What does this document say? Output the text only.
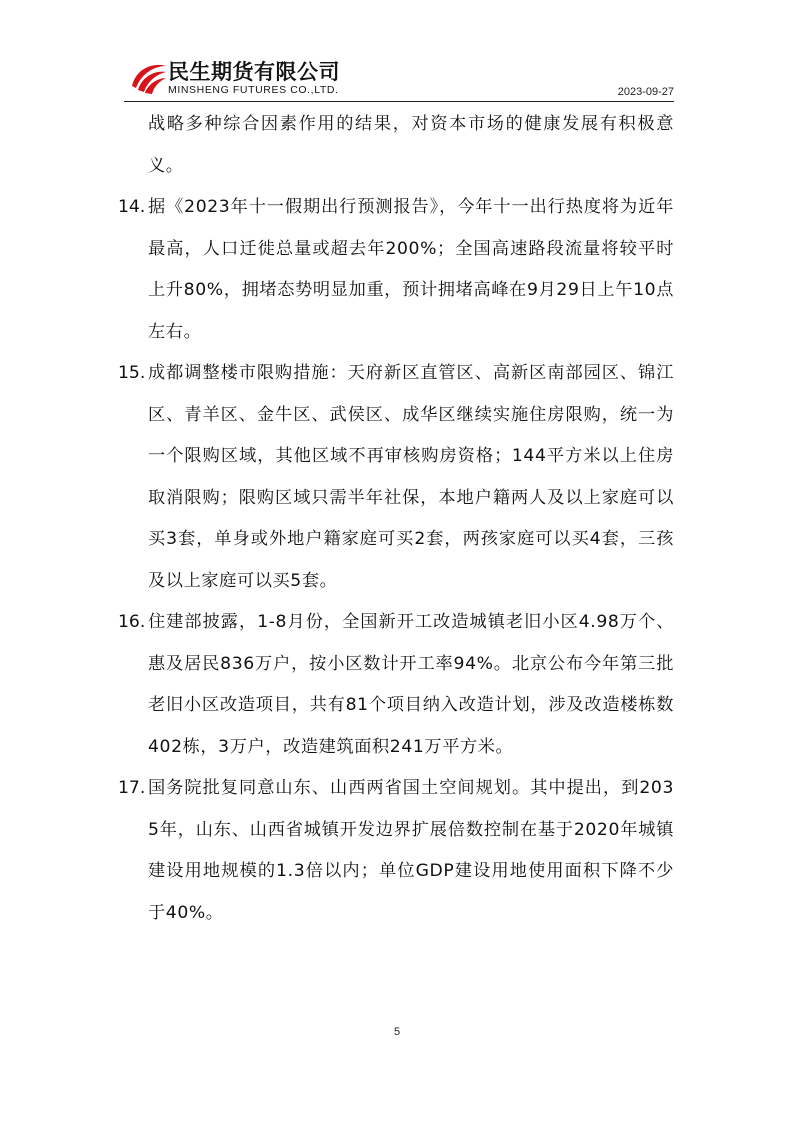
民生期货有限公司
MINSHENG FUTURES CO.,LTD.	2023-09-27

战略多种综合因素作用的结果，对资本市场的健康发展有积极意义。

14. 据《2023年十一假期出行预测报告》，今年十一出行热度将为近年最高，人口迁徙总量或超去年200%；全国高速路段流量将较平时上升80%，拥堵态势明显加重，预计拥堵高峰在9月29日上午10点左右。

15. 成都调整楼市限购措施：天府新区直管区、高新区南部园区、锦江区、青羊区、金牛区、武侯区、成华区继续实施住房限购，统一为一个限购区域，其他区域不再审核购房资格；144平方米以上住房取消限购；限购区域只需半年社保，本地户籍两人及以上家庭可以买3套，单身或外地户籍家庭可买2套，两孩家庭可以买4套，三孩及以上家庭可以买5套。

16. 住建部披露，1-8月份，全国新开工改造城镇老旧小区4.98万个、惠及居民836万户，按小区数计开工率94%。北京公布今年第三批老旧小区改造项目，共有81个项目纳入改造计划，涉及改造楼栋数402栋，3万户，改造建筑面积241万平方米。

17. 国务院批复同意山东、山西两省国土空间规划。其中提出，到2035年，山东、山西省城镇开发边界扩展倍数控制在基于2020年城镇建设用地规模的1.3倍以内；单位GDP建设用地使用面积下降不少于40%。

5
